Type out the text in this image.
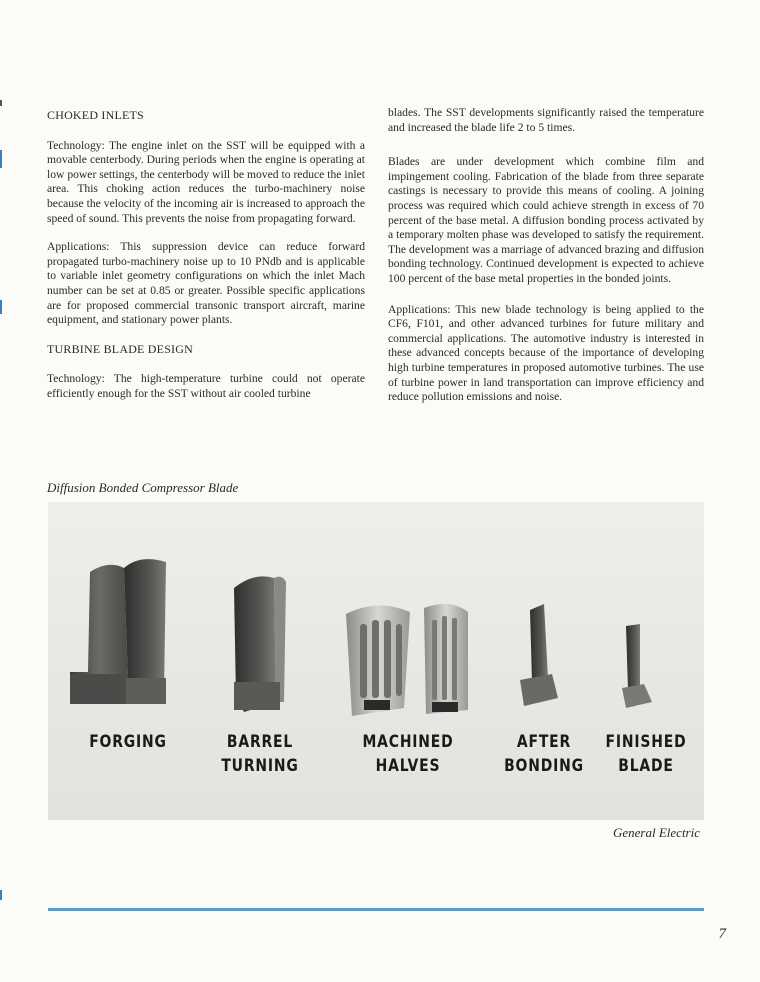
CHOKED INLETS

Technology: The engine inlet on the SST will be equipped with a movable centerbody. During periods when the engine is operating at low power settings, the centerbody will be moved to reduce the inlet area. This choking action reduces the turbo-machinery noise because the velocity of the incoming air is increased to approach the speed of sound. This prevents the noise from propagating forward.

Applications: This suppression device can reduce forward propagated turbo-machinery noise up to 10 PNdb and is applicable to variable inlet geometry configurations on which the inlet Mach number can be set at 0.85 or greater. Possible specific applications are for proposed commercial transonic transport aircraft, marine equipment, and stationary power plants.

TURBINE BLADE DESIGN

Technology: The high-temperature turbine could not operate efficiently enough for the SST without air cooled turbine

blades. The SST developments significantly raised the temperature and increased the blade life 2 to 5 times.

Blades are under development which combine film and impingement cooling. Fabrication of the blade from three separate castings is necessary to provide this means of cooling. A joining process was required which could achieve strength in excess of 70 percent of the base metal. A diffusion bonding process activated by a temporary molten phase was developed to satisfy the requirement. The development was a marriage of advanced brazing and diffusion bonding technology. Continued development is expected to achieve 100 percent of the base metal properties in the bonded joints.

Applications: This new blade technology is being applied to the CF6, F101, and other advanced turbines for future military and commercial applications. The automotive industry is interested in these advanced concepts because of the importance of developing high turbine temperatures in proposed automotive turbines. The use of turbine power in land transportation can improve efficiency and reduce pollution emissions and noise.

Diffusion Bonded Compressor Blade
FORGING	BARREL
TURNING
MACHINED
HALVES
AFTER
BONDING
FINISHED
BLADE
General Electric
7
